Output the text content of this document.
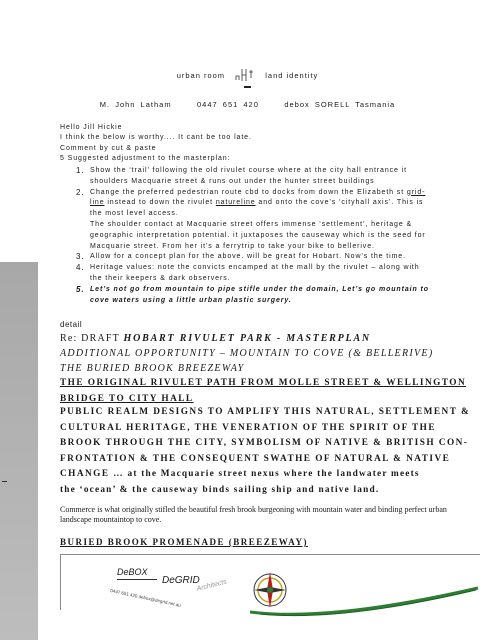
urban room	land identity
M. John Latham	0447 651 420	debox SORELL Tasmania
Hello Jill Hickie
I think the below is worthy.... It cant be too late.
Comment by cut & paste
5 Suggested adjustment to the masterplan:
1. Show the ‘trail’ following the old rivulet course where at the city hall entrance it
shoulders Macquarie street & runs out under the hunter street buildings
2. Change the preferred pedestrian route cbd to docks from down the Elizabeth st grid-
line instead to down the rivulet natureline and onto the cove’s ‘cityhall axis’. This is
the most level access.
The shoulder contact at Macquarie street offers immense ‘settlement’, heritage &
geographic interpretation potential. it juxtaposes the causeway which is the seed for
Macquarie street. From her it’s a ferrytrip to take your bike to bellerive.
3. Allow for a concept plan for the above. will be great for Hobart. Now’s the time.
4. Heritage values: note the convicts encamped at the mall by the rivulet – along with
the their keepers & dark observers.
5. Let’s not go from mountain to pipe stifle under the domain, Let’s go mountain to
cove waters using a little urban plastic surgery.
detail
Re: DRAFT HOBART RIVULET PARK - MASTERPLAN
ADDITIONAL OPPORTUNITY – MOUNTAIN TO COVE (& BELLERIVE)
THE BURIED BROOK BREEZEWAY
THE ORIGINAL RIVULET PATH FROM MOLLE STREET & WELLINGTON
BRIDGE TO CITY HALL
PUBLIC REALM DESIGNS TO AMPLIFY THIS NATURAL, SETTLEMENT &
CULTURAL HERITAGE, THE VENERATION OF THE SPIRIT OF THE
BROOK THROUGH THE CITY, SYMBOLISM OF NATIVE & BRITISH CON-
FRONTATION & THE CONSEQUENT SWATHE OF NATURAL & NATIVE
CHANGE … at the Macquarie street nexus where the landwater meets
the ‘ocean’ & the causeway binds sailing ship and native land.
Commerce is what originally stifled the beautiful fresh brook burgeoning with mountain water and binding perfect urban landscape mountaintop to cove.
BURIED BROOK PROMENADE (BREEZEWAY)
DeBOX
DeGRID
Architects
0447 651 420 debox@degrid.net.au
